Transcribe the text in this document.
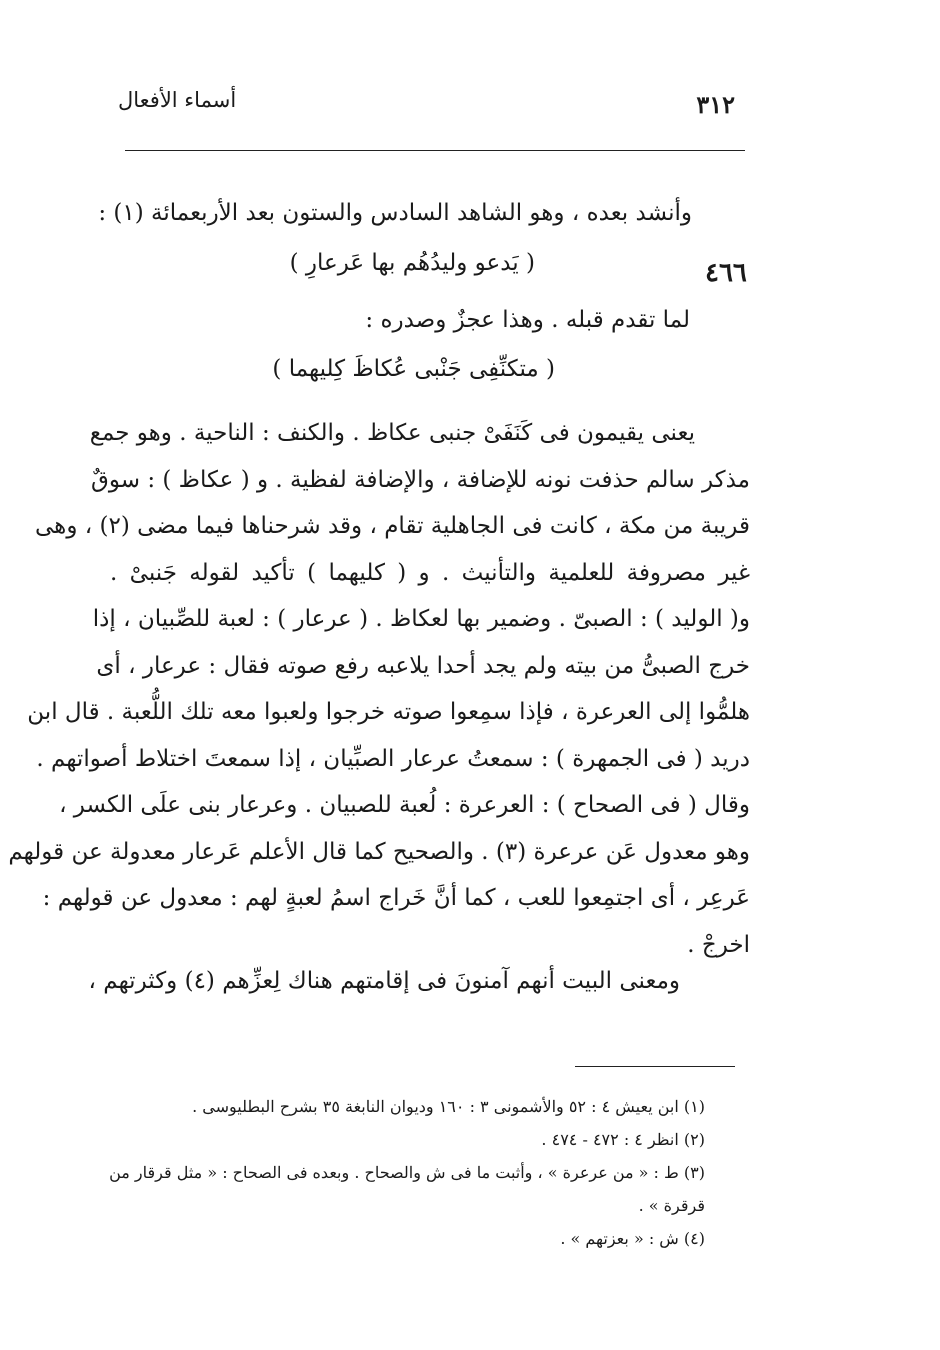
أسماء الأفعال	٣١٢
وأنشد بعده ، وهو الشاهد السادس والستون بعد الأربعمائة (١) :
٤٦٦
( يَدعو وليدُهُم بها عَرعارِ )
لما تقدم قبله . وهذا عجزٌ وصدره :
( متكنِّفِى جَنْبى عُكاظَ كِليهما )
يعنى يقيمون فى كَنَفَىْ جنبى عكاظ . والكنف : الناحية . وهو جمع
مذكر سالم حذفت نونه للإضافة ، والإضافة لفظية . و ( عكاظ ) : سوقٌ
قريبة من مكة ، كانت فى الجاهلية تقام ، وقد شرحناها فيما مضى (٢) ، وهى
غير مصروفة للعلمية والتأنيث . و ( كليهما ) تأكيد لقوله جَنبىْ .
و( الوليد ) : الصبىّ . وضمير بها لعكاظ . ( عرعار ) : لعبة للصِّبيان ، إذا
خرج الصبىُّ من بيته ولم يجد أحدا يلاعبه رفع صوته فقال : عرعار ، أى
هلمُّوا إلى العرعرة ، فإذا سمِعوا صوته خرجوا ولعبوا معه تلك اللُّعبة . قال ابن
دريد ( فى الجمهرة ) : سمعتُ عرعار الصبِّيان ، إذا سمعتَ اختلاط أصواتهم .
وقال ( فى الصحاح ) : العرعرة : لُعبة للصبيان . وعرعار بنى علَى الكسر ،
وهو معدول عَن عرعرة (٣) . والصحيح كما قال الأعلم عَرعار معدولة عن قولهم
عَرعِر ، أى اجتمِعوا للعب ، كما أنَّ خَراج اسمُ لعبةٍ لهم : معدول عن قولهم :
اخرجْ .
ومعنى البيت أنهم آمنونَ فى إقامتهم هناك لِعزِّهم (٤) وكثرتهم ،
(١) ابن يعيش ٤ : ٥٢ والأشمونى ٣ : ١٦٠ وديوان النابغة ٣٥ بشرح البطليوسى .
(٢) انظر ٤ : ٤٧٢ - ٤٧٤ .
(٣) ط : « من عرعرة » ، وأثبت ما فى ش والصحاح . وبعده فى الصحاح : « مثل قرقار من
قرقرة » .
(٤) ش : « بعزتهم » .
